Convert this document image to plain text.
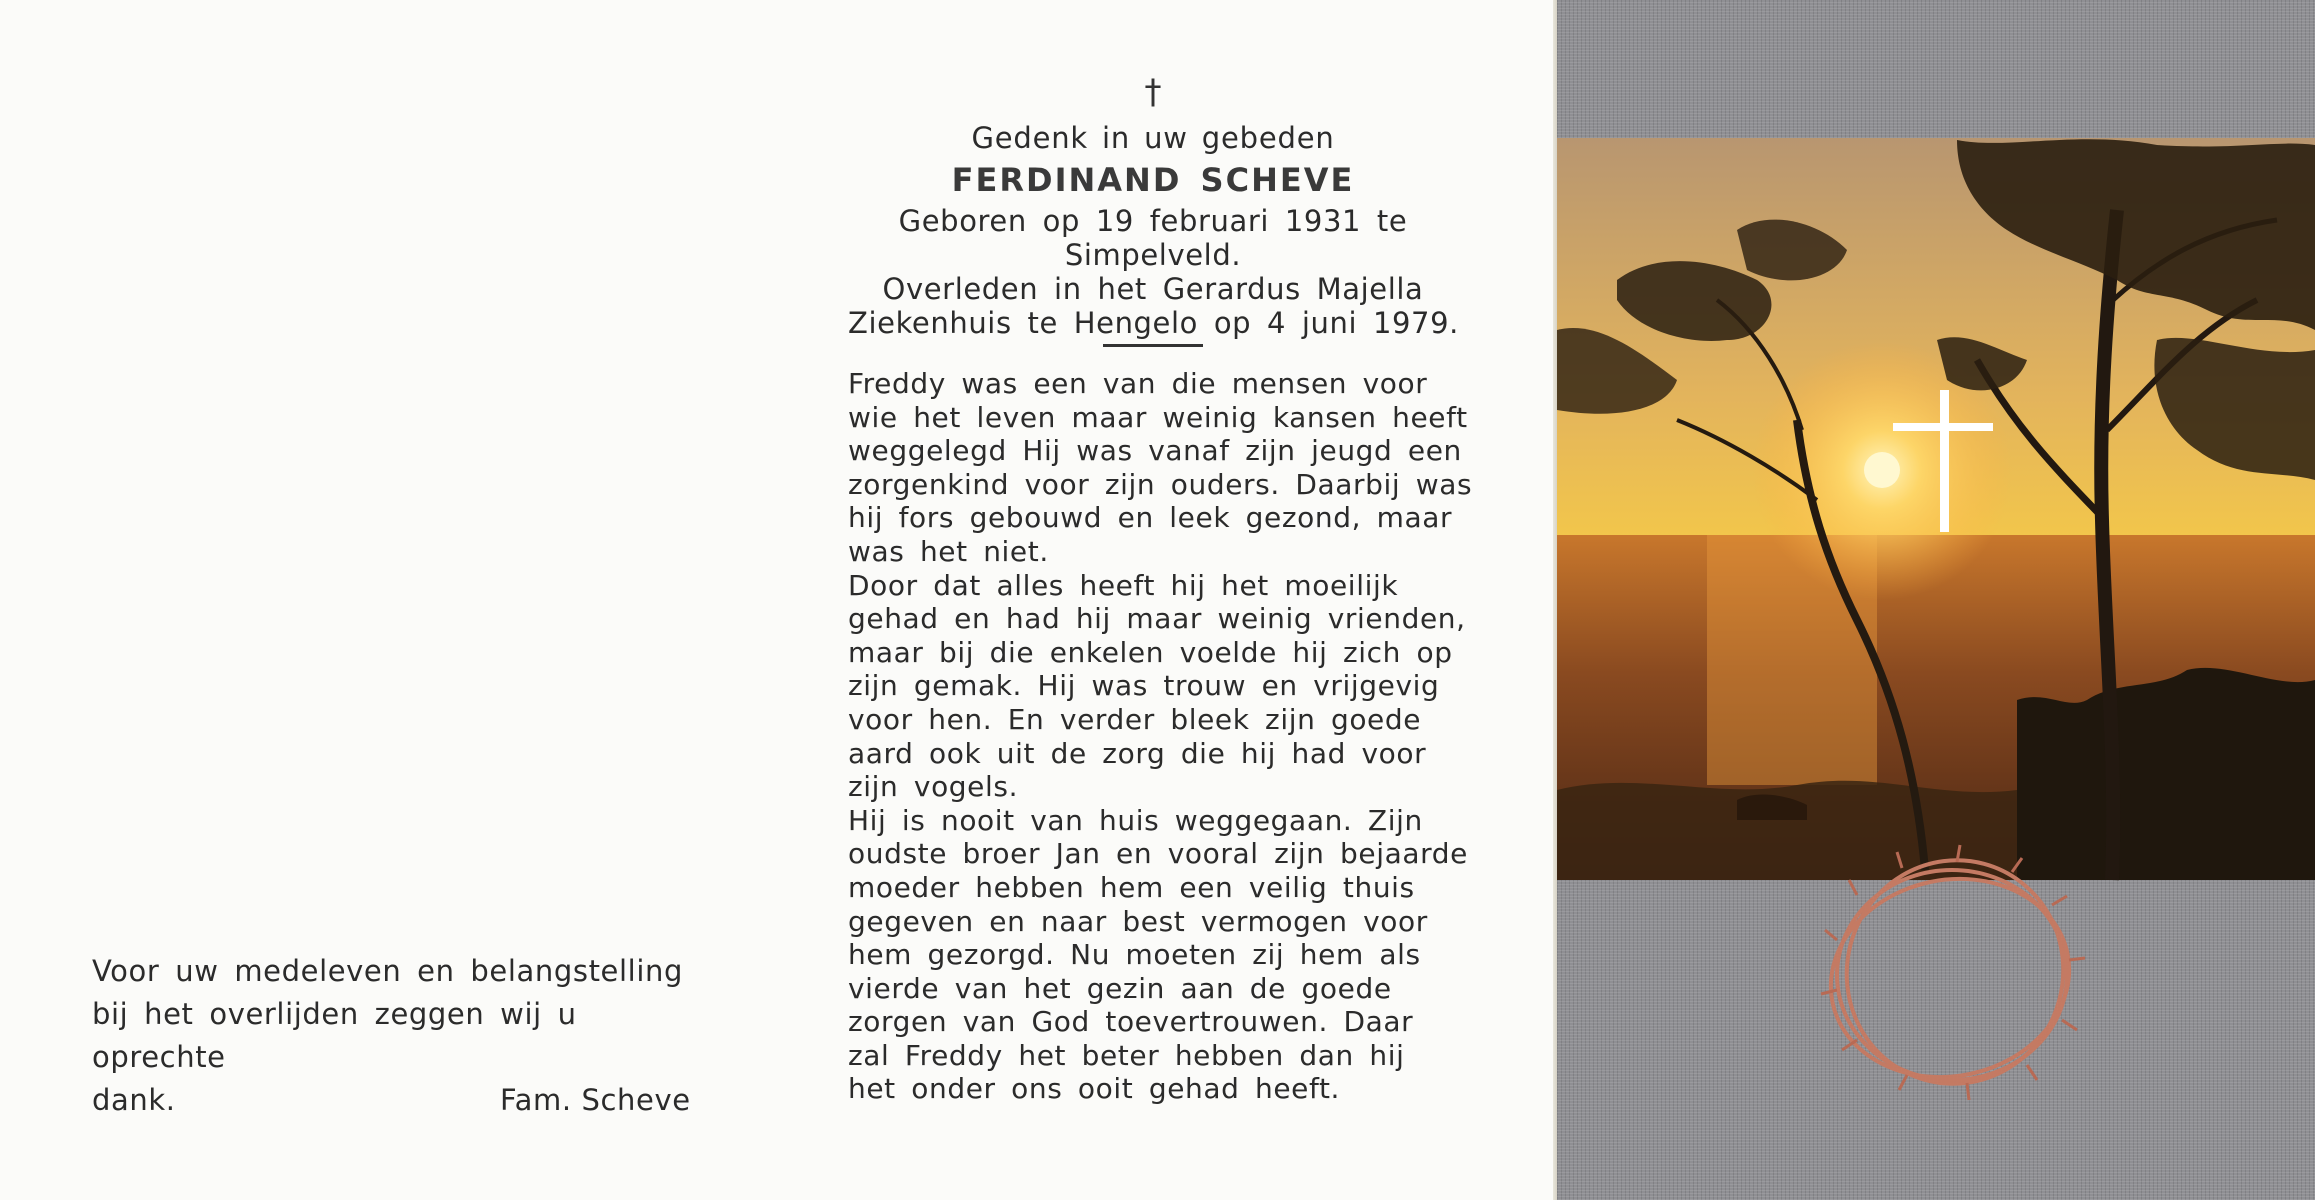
Voor uw medeleven en belangstelling
bij het overlijden zeggen wij u oprechte
dank.	Fam. Scheve
†
Gedenk in uw gebeden
FERDINAND SCHEVE
Geboren op 19 februari 1931 te
Simpelveld.
Overleden in het Gerardus Majella
Ziekenhuis te Hengelo op 4 juni 1979.
Freddy was een van die mensen voor
wie het leven maar weinig kansen heeft
weggelegd Hij was vanaf zijn jeugd een
zorgenkind voor zijn ouders. Daarbij was
hij fors gebouwd en leek gezond, maar
was het niet.
Door dat alles heeft hij het moeilijk
gehad en had hij maar weinig vrienden,
maar bij die enkelen voelde hij zich op
zijn gemak. Hij was trouw en vrijgevig
voor hen. En verder bleek zijn goede
aard ook uit de zorg die hij had voor
zijn vogels.
Hij is nooit van huis weggegaan. Zijn
oudste broer Jan en vooral zijn bejaarde
moeder hebben hem een veilig thuis
gegeven en naar best vermogen voor
hem gezorgd. Nu moeten zij hem als
vierde van het gezin aan de goede
zorgen van God toevertrouwen. Daar
zal Freddy het beter hebben dan hij
het onder ons ooit gehad heeft.
